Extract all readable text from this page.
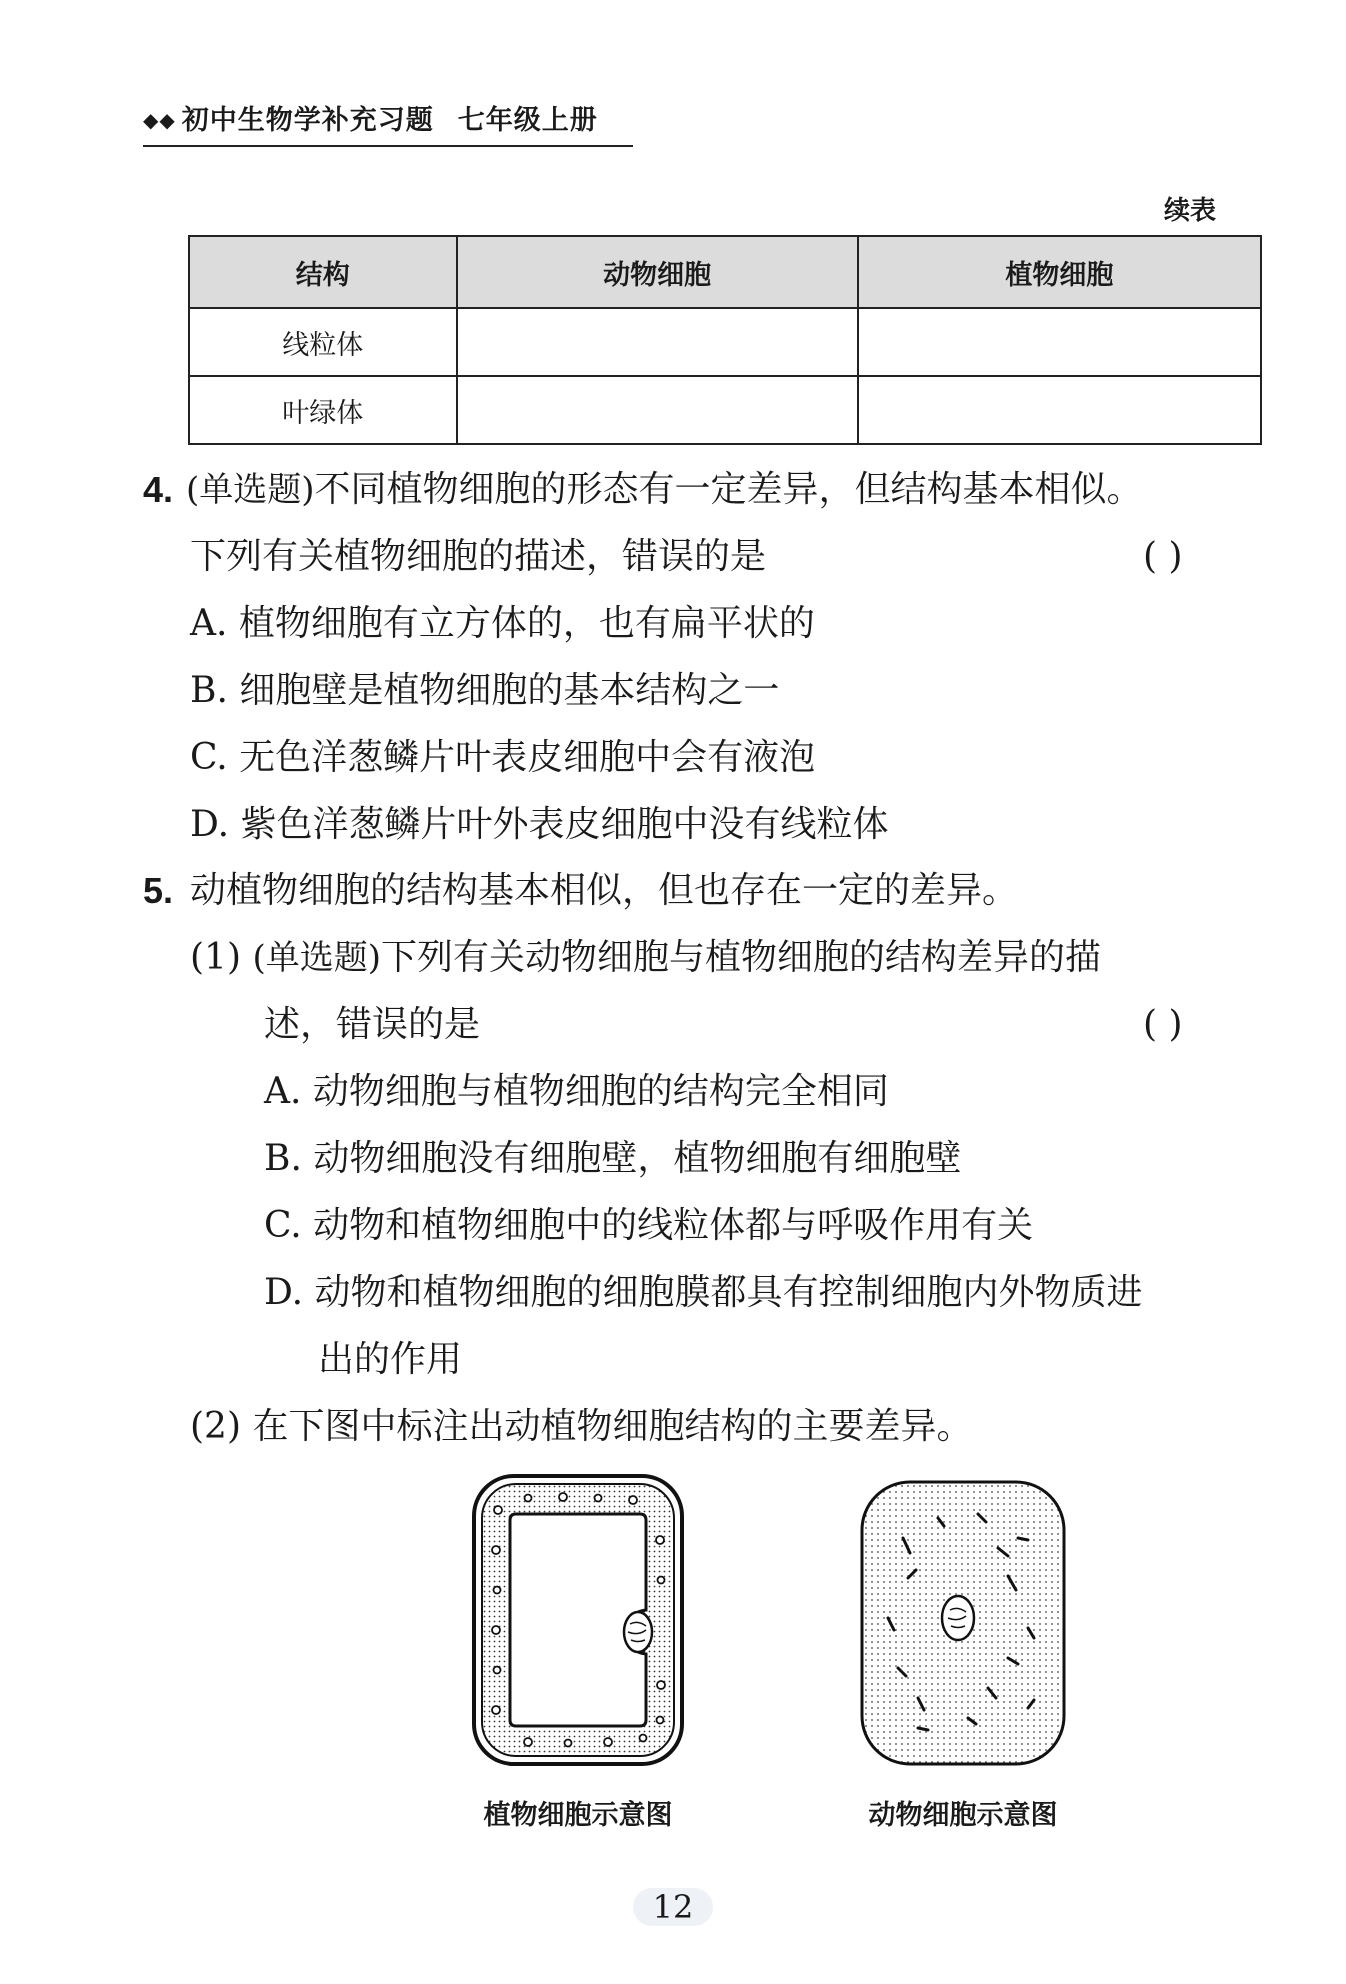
◆◆ 初中生物学补充习题 七年级上册
续表
结构	动物细胞	植物细胞
线粒体		
叶绿体		
4. (单选题)不同植物细胞的形态有一定差异，但结构基本相似。
下列有关植物细胞的描述，错误的是	( )
A. 植物细胞有立方体的，也有扁平状的
B. 细胞壁是植物细胞的基本结构之一
C. 无色洋葱鳞片叶表皮细胞中会有液泡
D. 紫色洋葱鳞片叶外表皮细胞中没有线粒体
5. 动植物细胞的结构基本相似，但也存在一定的差异。
(1) (单选题)下列有关动物细胞与植物细胞的结构差异的描
述，错误的是	( )
A. 动物细胞与植物细胞的结构完全相同
B. 动物细胞没有细胞壁，植物细胞有细胞壁
C. 动物和植物细胞中的线粒体都与呼吸作用有关
D. 动物和植物细胞的细胞膜都具有控制细胞内外物质进
出的作用
(2) 在下图中标注出动植物细胞结构的主要差异。
植物细胞示意图	动物细胞示意图
12
